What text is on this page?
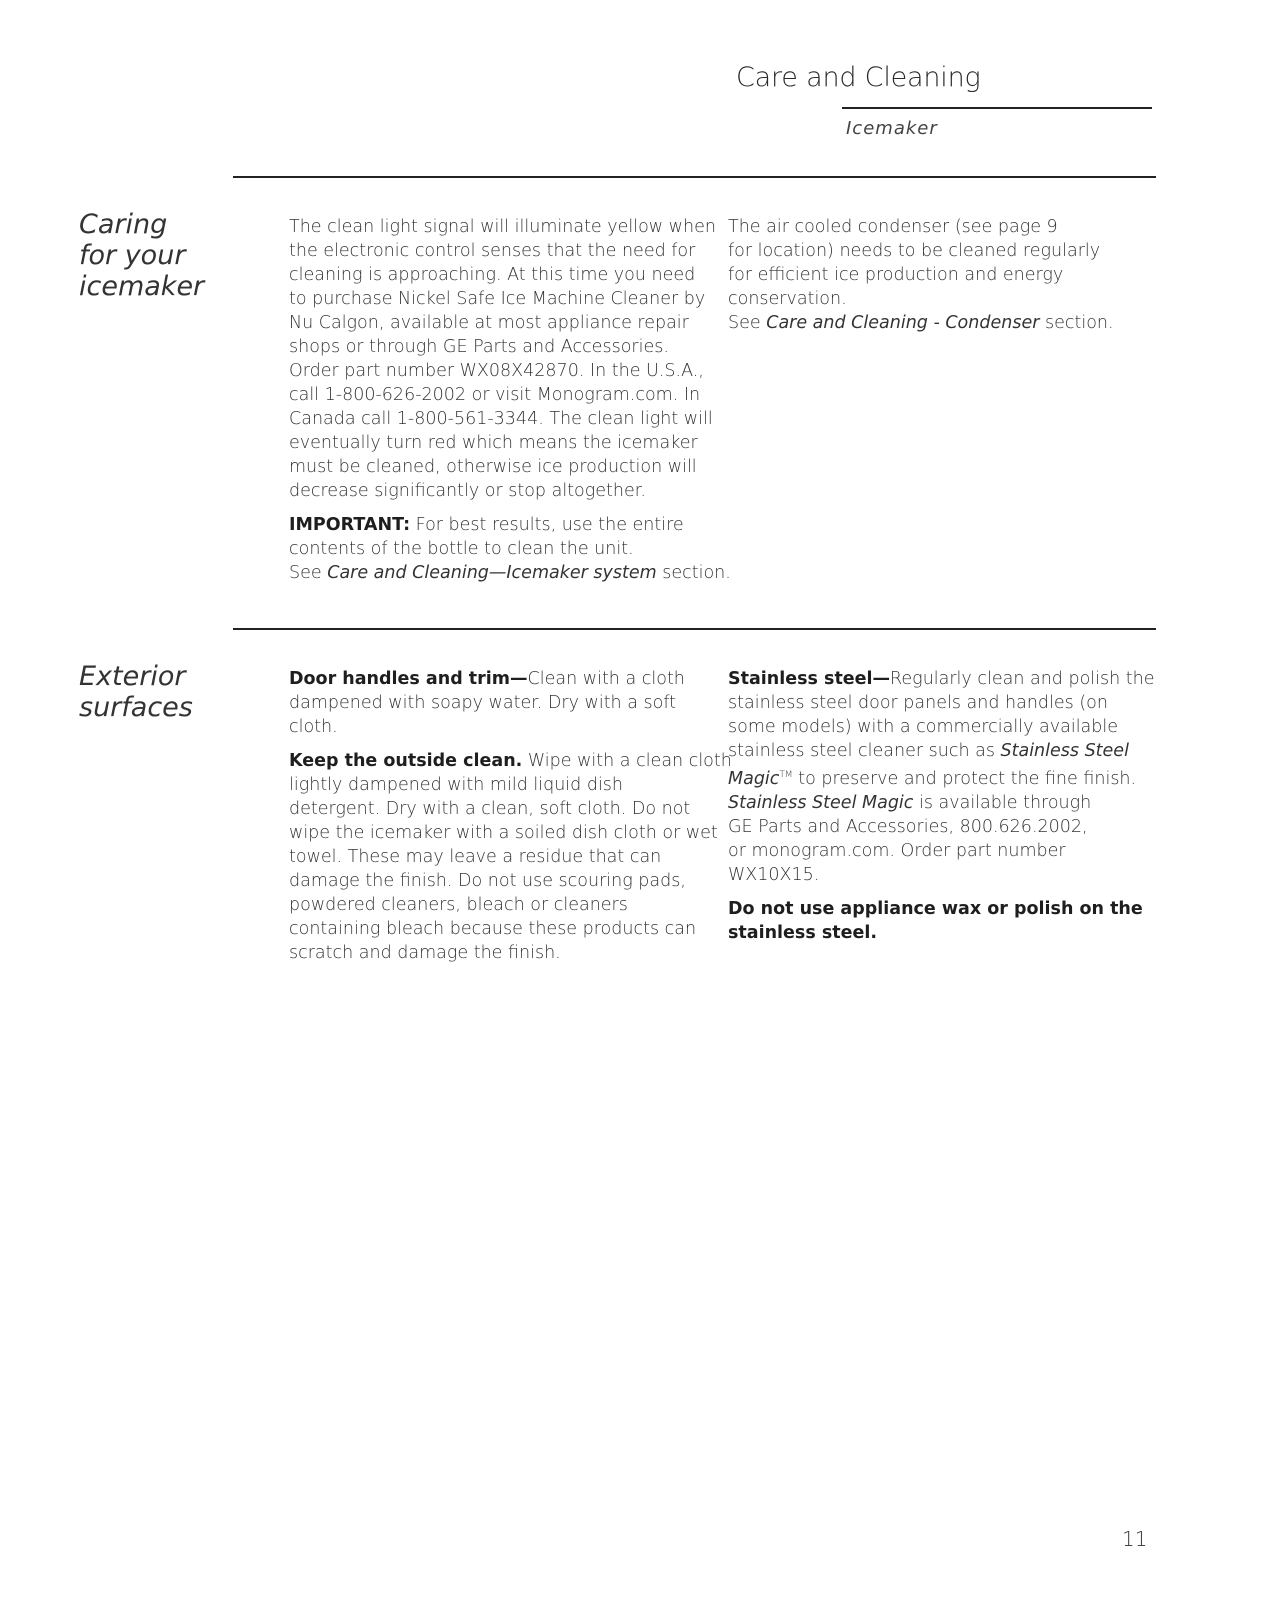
Care and Cleaning
Icemaker
Caring
for your
icemaker

The clean light signal will illuminate yellow when
the electronic control senses that the need for
cleaning is approaching. At this time you need
to purchase Nickel Safe Ice Machine Cleaner by
Nu Calgon, available at most appliance repair
shops or through GE Parts and Accessories.
Order part number WX08X42870. In the U.S.A.,
call 1-800-626-2002 or visit Monogram.com. In
Canada call 1-800-561-3344. The clean light will
eventually turn red which means the icemaker
must be cleaned, otherwise ice production will
decrease significantly or stop altogether.

IMPORTANT: For best results, use the entire
contents of the bottle to clean the unit.
See Care and Cleaning—Icemaker system section.

The air cooled condenser (see page 9
for location) needs to be cleaned regularly
for efficient ice production and energy
conservation.
See Care and Cleaning - Condenser section.

Exterior
surfaces

Door handles and trim—Clean with a cloth
dampened with soapy water. Dry with a soft
cloth.

Keep the outside clean. Wipe with a clean cloth
lightly dampened with mild liquid dish
detergent. Dry with a clean, soft cloth. Do not
wipe the icemaker with a soiled dish cloth or wet
towel. These may leave a residue that can
damage the finish. Do not use scouring pads,
powdered cleaners, bleach or cleaners
containing bleach because these products can
scratch and damage the finish.

Stainless steel—Regularly clean and polish the
stainless steel door panels and handles (on
some models) with a commercially available
stainless steel cleaner such as Stainless Steel
Magic™ to preserve and protect the fine finish.
Stainless Steel Magic is available through
GE Parts and Accessories, 800.626.2002,
or monogram.com. Order part number
WX10X15.

Do not use appliance wax or polish on the
stainless steel.

11
